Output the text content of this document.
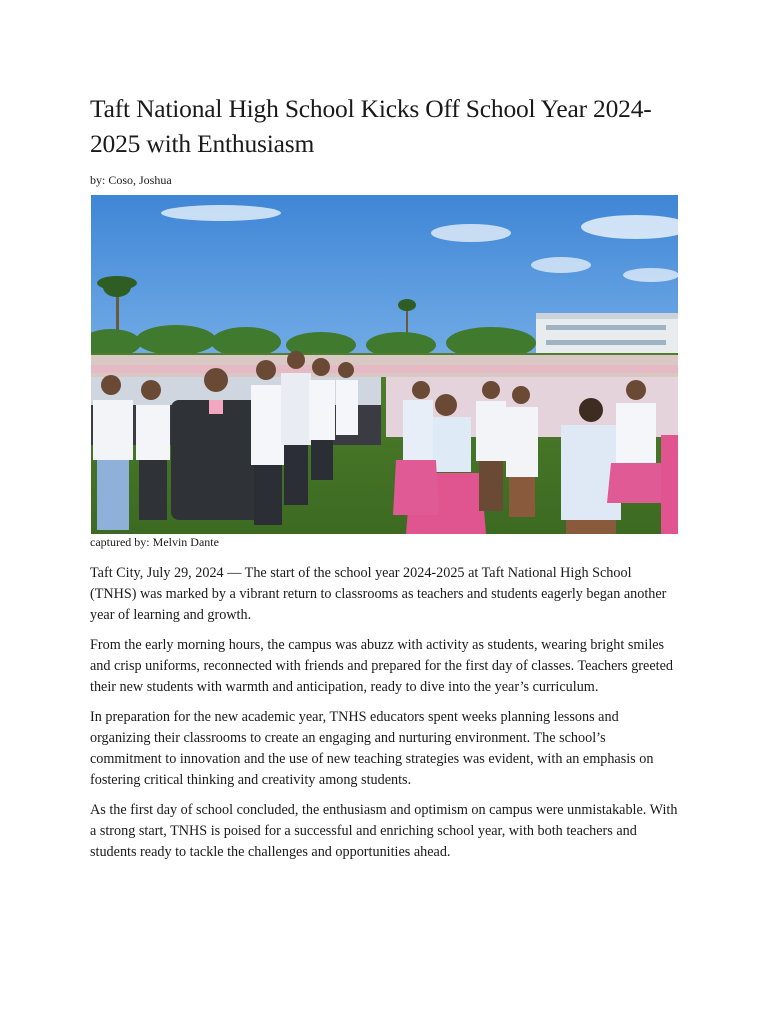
Taft National High School Kicks Off School Year 2024-2025 with Enthusiasm

by: Coso, Joshua

captured by: Melvin Dante

Taft City, July 29, 2024 — The start of the school year 2024-2025 at Taft National High School (TNHS) was marked by a vibrant return to classrooms as teachers and students eagerly began another year of learning and growth.

From the early morning hours, the campus was abuzz with activity as students, wearing bright smiles and crisp uniforms, reconnected with friends and prepared for the first day of classes. Teachers greeted their new students with warmth and anticipation, ready to dive into the year’s curriculum.

In preparation for the new academic year, TNHS educators spent weeks planning lessons and organizing their classrooms to create an engaging and nurturing environment. The school’s commitment to innovation and the use of new teaching strategies was evident, with an emphasis on fostering critical thinking and creativity among students.

As the first day of school concluded, the enthusiasm and optimism on campus were unmistakable. With a strong start, TNHS is poised for a successful and enriching school year, with both teachers and students ready to tackle the challenges and opportunities ahead.
